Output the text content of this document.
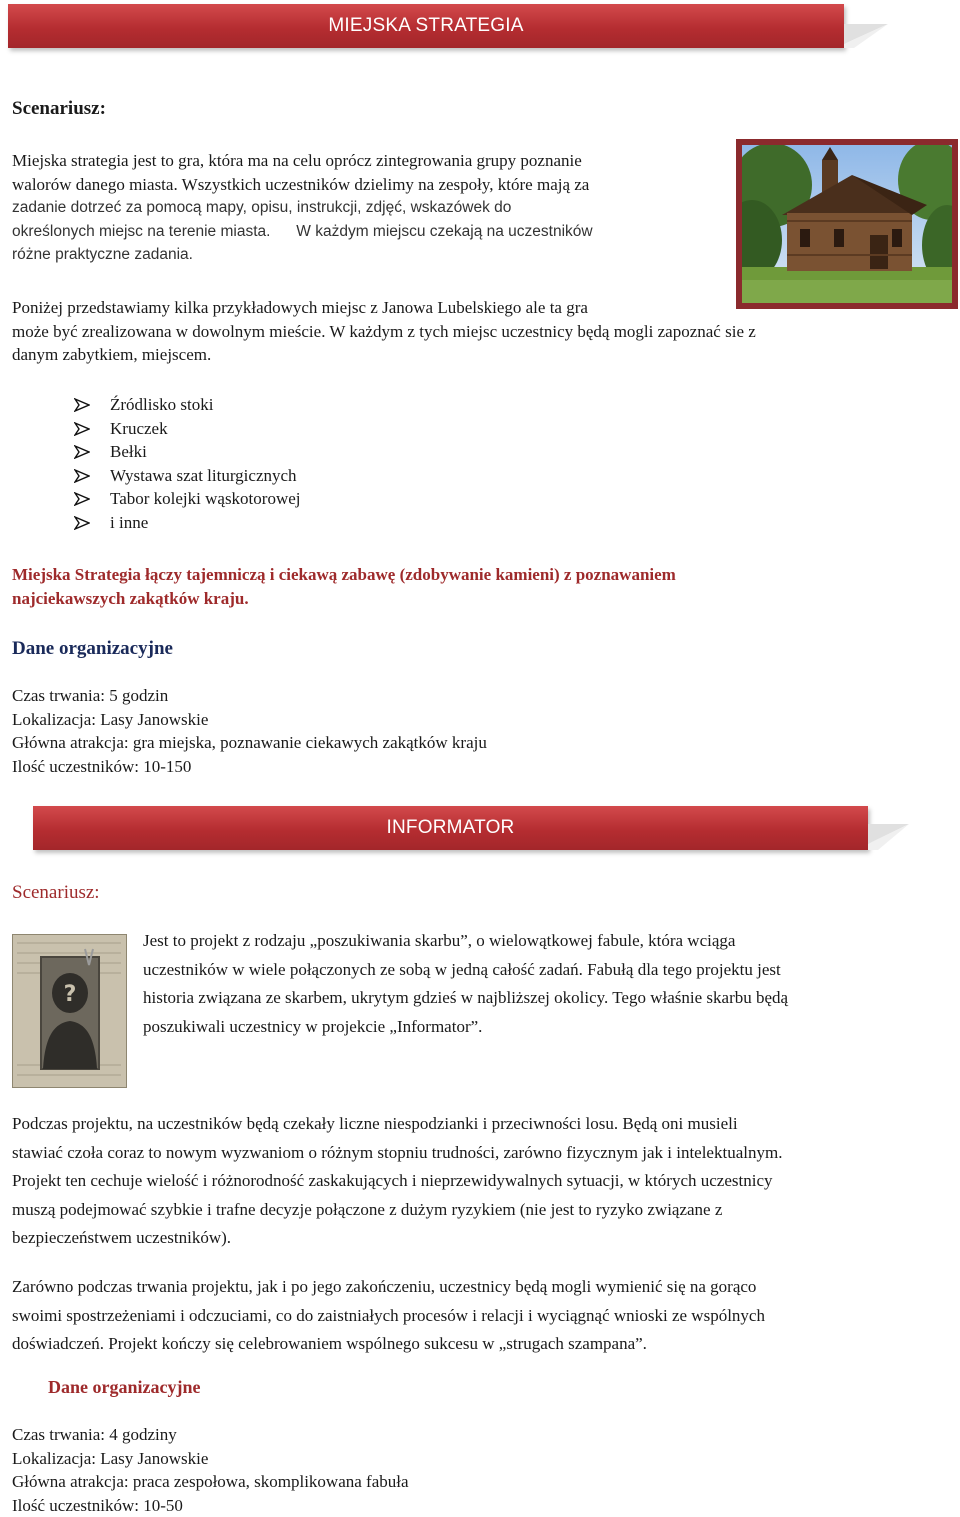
MIEJSKA STRATEGIA
Scenariusz:
Miejska strategia jest to gra, która ma na celu oprócz zintegrowania grupy poznanie
walorów danego miasta. Wszystkich uczestników dzielimy na zespoły, które mają za
zadanie dotrzeć za pomocą mapy, opisu, instrukcji, zdjęć, wskazówek do
określonych miejsc na terenie miasta.      W każdym miejscu czekają na uczestników
różne praktyczne zadania.
Poniżej przedstawiamy kilka przykładowych miejsc z Janowa Lubelskiego ale ta gra
może być zrealizowana w dowolnym mieście. W każdym z tych miejsc uczestnicy będą mogli zapoznać sie z
danym zabytkiem, miejscem.
Źródlisko stoki
Kruczek
Bełki
Wystawa szat liturgicznych
Tabor kolejki wąskotorowej
i inne
Miejska Strategia łączy tajemniczą i ciekawą zabawę (zdobywanie kamieni) z poznawaniem
najciekawszych zakątków kraju.
Dane organizacyjne
Czas trwania: 5 godzin
Lokalizacja: Lasy Janowskie
Główna atrakcja: gra miejska, poznawanie ciekawych zakątków kraju
Ilość uczestników: 10-150
INFORMATOR
Scenariusz:
?
Jest to projekt z rodzaju „poszukiwania skarbu”, o wielowątkowej fabule, która wciąga
uczestników w wiele połączonych ze sobą w jedną całość zadań. Fabułą dla tego projektu jest
historia związana ze skarbem, ukrytym gdzieś w najbliższej okolicy. Tego właśnie skarbu będą
poszukiwali uczestnicy w projekcie „Informator”.
Podczas projektu, na uczestników będą czekały liczne niespodzianki i przeciwności losu. Będą oni musieli
stawiać czoła coraz to nowym wyzwaniom o różnym stopniu trudności, zarówno fizycznym jak i intelektualnym.
Projekt ten cechuje wielość i różnorodność zaskakujących i nieprzewidywalnych sytuacji, w których uczestnicy
muszą podejmować szybkie i trafne decyzje połączone z dużym ryzykiem (nie jest to ryzyko związane z
bezpieczeństwem uczestników).
Zarówno podczas trwania projektu, jak i po jego zakończeniu, uczestnicy będą mogli wymienić się na gorąco
swoimi spostrzeżeniami i odczuciami, co do zaistniałych procesów i relacji i wyciągnąć wnioski ze wspólnych
doświadczeń. Projekt kończy się celebrowaniem wspólnego sukcesu w „strugach szampana”.
Dane organizacyjne
Czas trwania: 4 godziny
Lokalizacja: Lasy Janowskie
Główna atrakcja: praca zespołowa, skomplikowana fabuła
Ilość uczestników: 10-50
